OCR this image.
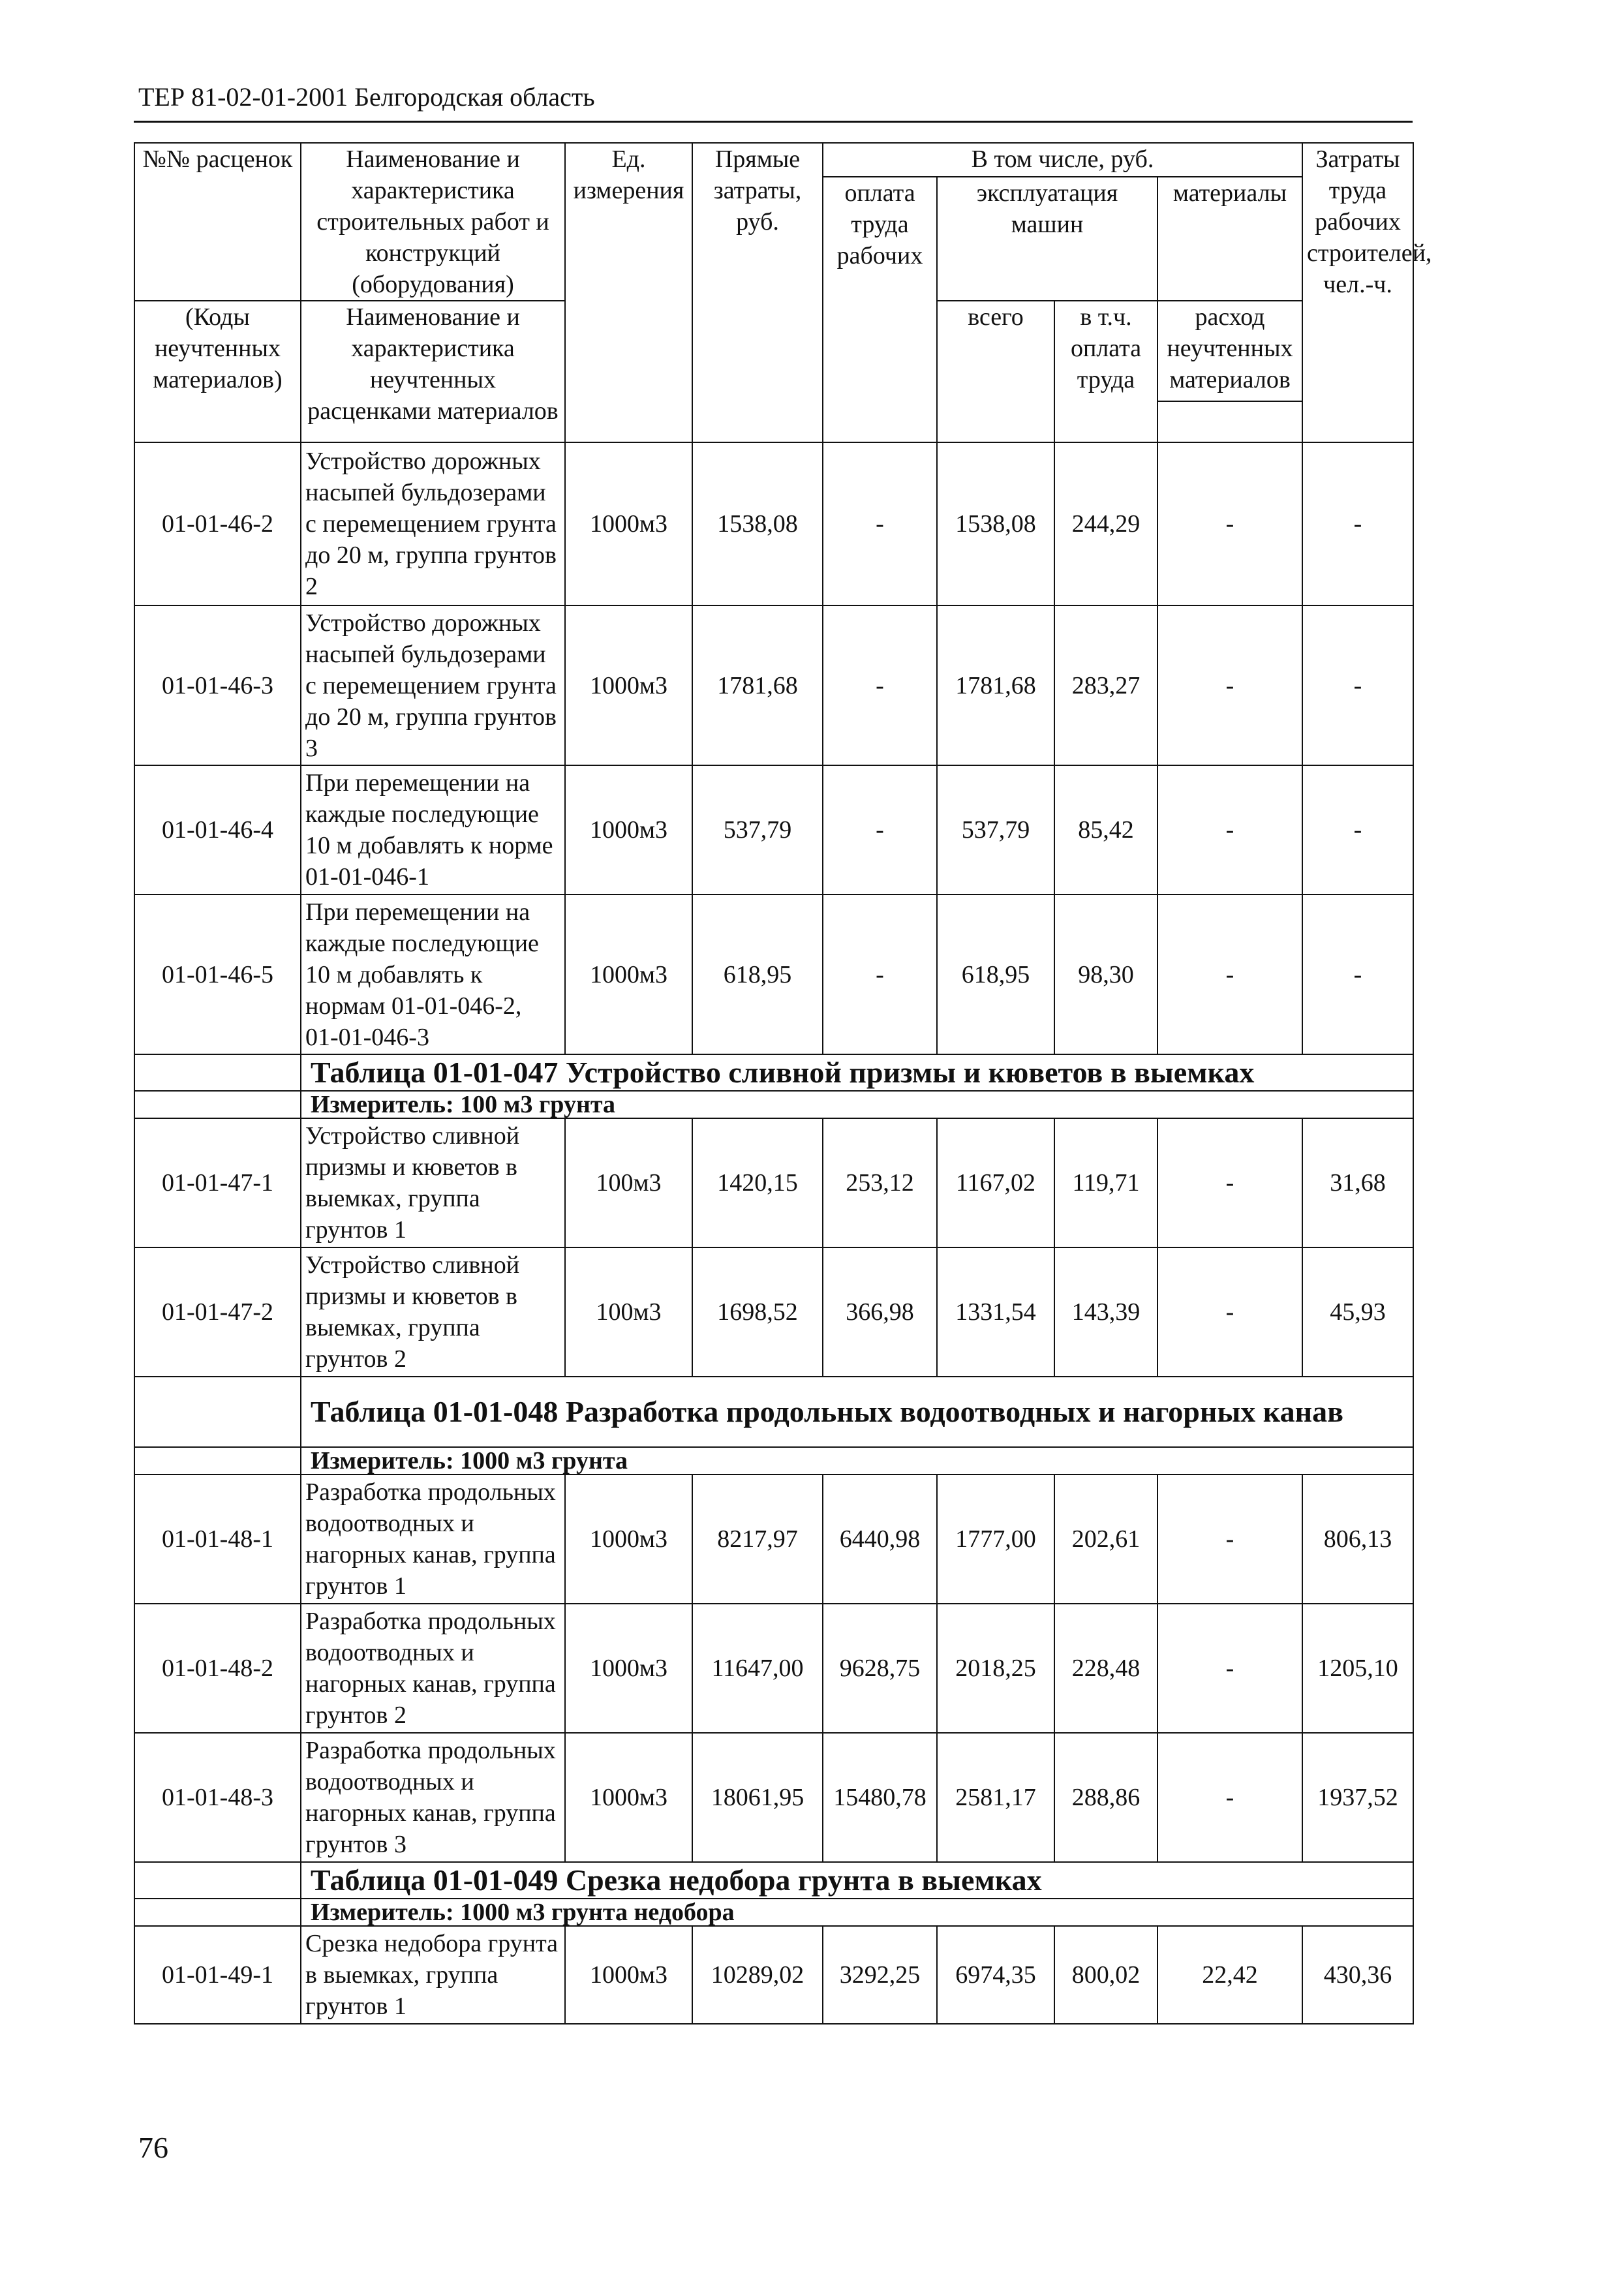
ТЕР 81-02-01-2001 Белгородская область
№№ расценок	Наименование и характеристика строительных работ и конструкций (оборудования)	Ед. измерения	Прямые затраты, руб.	В том числе, руб.				Затраты труда рабочих строителей,
чел.-ч.

				оплата труда рабочих	эксплуатация машин		материалы	
(Коды неучтенных материалов)	Наименование и характеристика неучтенных расценками материалов				всего	в т.ч. оплата труда	расход неучтенных материалов	

01-01-46-2	Устройство дорожных насыпей бульдозерами с перемещением грунта до 20 м, группа грунтов 2	1000м3	1538,08	-	1538,08	244,29	-	-
01-01-46-3	Устройство дорожных насыпей бульдозерами с перемещением грунта до 20 м, группа грунтов 3	1000м3	1781,68	-	1781,68	283,27	-	-
01-01-46-4	При перемещении на каждые последующие 10 м добавлять к норме 01-01-046-1	1000м3	537,79	-	537,79	85,42	-	-
01-01-46-5	При перемещении на каждые последующие 10 м добавлять к нормам 01-01-046-2, 01-01-046-3	1000м3	618,95	-	618,95	98,30	-	-
	Таблица 01-01-047 Устройство сливной призмы и кюветов в выемках							
	Измеритель: 100 м3 грунта							
01-01-47-1	Устройство сливной призмы и кюветов в выемках, группа грунтов 1	100м3	1420,15	253,12	1167,02	119,71	-	31,68
01-01-47-2	Устройство сливной призмы и кюветов в выемках, группа грунтов 2	100м3	1698,52	366,98	1331,54	143,39	-	45,93
	Таблица 01-01-048 Разработка продольных водоотводных и нагорных канав							
	Измеритель: 1000 м3 грунта							
01-01-48-1	Разработка продольных водоотводных и нагорных канав, группа грунтов 1	1000м3	8217,97	6440,98	1777,00	202,61	-	806,13
01-01-48-2	Разработка продольных водоотводных и нагорных канав, группа грунтов 2	1000м3	11647,00	9628,75	2018,25	228,48	-	1205,10
01-01-48-3	Разработка продольных водоотводных и нагорных канав, группа грунтов 3	1000м3	18061,95	15480,78	2581,17	288,86	-	1937,52
	Таблица 01-01-049 Срезка недобора грунта в выемках							
	Измеритель: 1000 м3 грунта недобора							
01-01-49-1	Срезка недобора грунта в выемках, группа грунтов 1	1000м3	10289,02	3292,25	6974,35	800,02	22,42	430,36
76
